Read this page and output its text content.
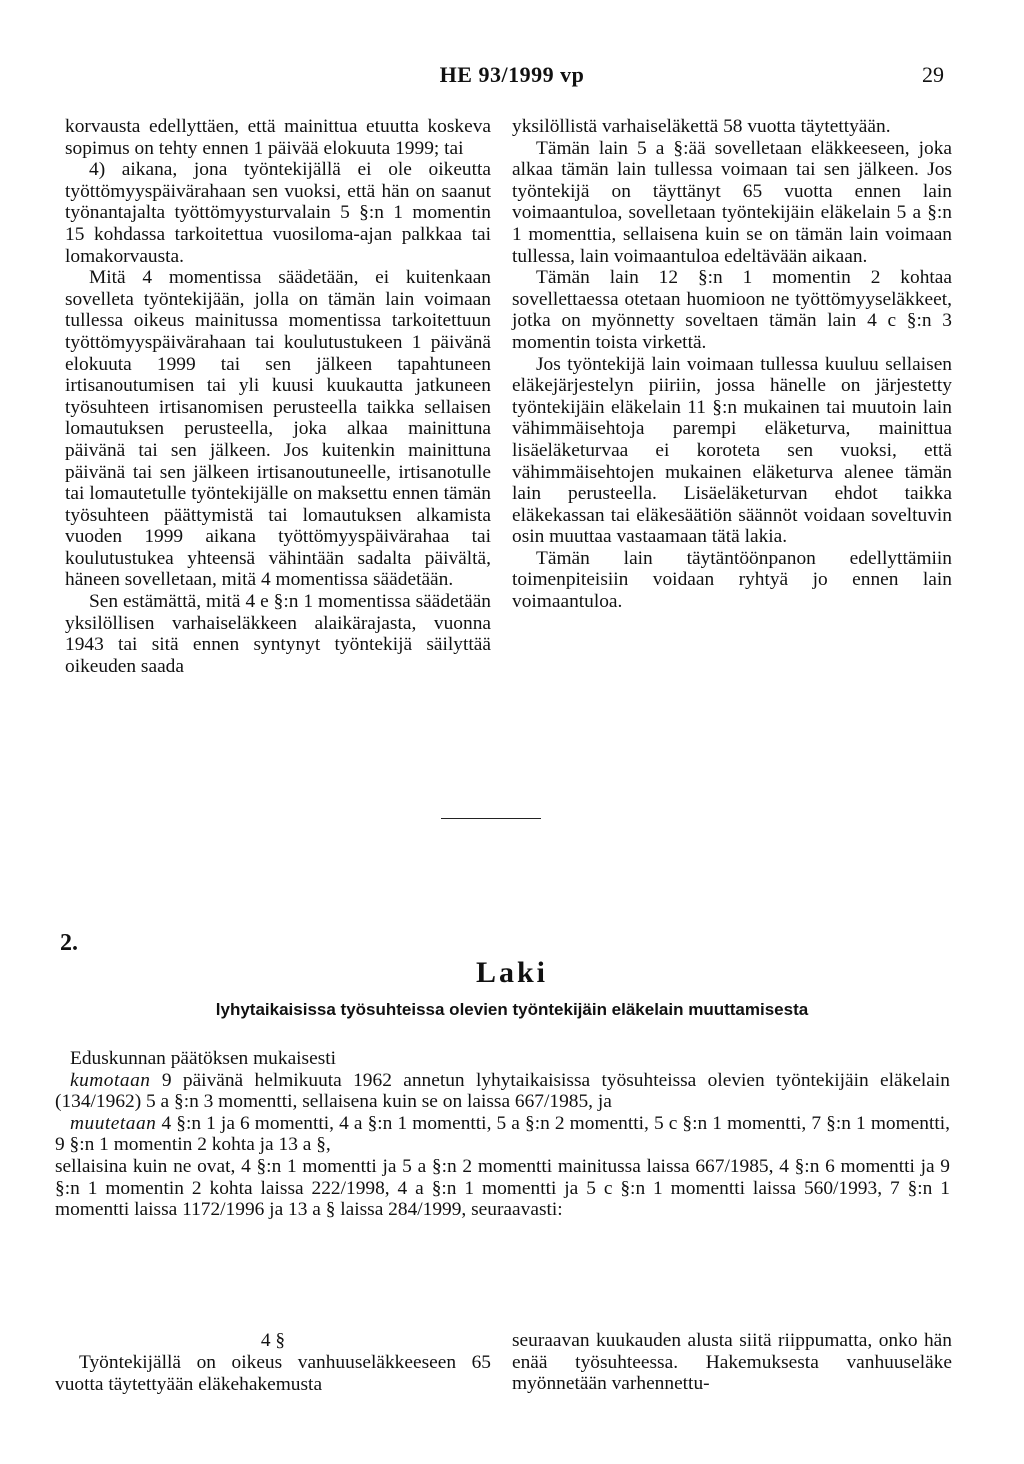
HE 93/1999 vp	29

korvausta edellyttäen, että mainittua etuutta koskeva sopimus on tehty ennen 1 päivää elokuuta 1999; tai

4) aikana, jona työntekijällä ei ole oikeutta työttömyyspäivärahaan sen vuoksi, että hän on saanut työnantajalta työttömyysturvalain 5 §:n 1 momentin 15 kohdassa tarkoitettua vuosiloma-ajan palkkaa tai lomakorvausta.

Mitä 4 momentissa säädetään, ei kuitenkaan sovelleta työntekijään, jolla on tämän lain voimaan tullessa oikeus mainitussa momentissa tarkoitettuun työttömyyspäivärahaan tai koulutustukeen 1 päivänä elokuuta 1999 tai sen jälkeen tapahtuneen irtisanoutumisen tai yli kuusi kuukautta jatkuneen työsuhteen irtisanomisen perusteella taikka sellaisen lomautuksen perusteella, joka alkaa mainittuna päivänä tai sen jälkeen. Jos kuitenkin mainittuna päivänä tai sen jälkeen irtisanoutuneelle, irtisanotulle tai lomautetulle työntekijälle on maksettu ennen tämän työsuhteen päättymistä tai lomautuksen alkamista vuoden 1999 aikana työttömyyspäivärahaa tai koulutustukea yhteensä vähintään sadalta päivältä, häneen sovelletaan, mitä 4 momentissa säädetään.

Sen estämättä, mitä 4 e §:n 1 momentissa säädetään yksilöllisen varhaiseläkkeen alaikärajasta, vuonna 1943 tai sitä ennen syntynyt työntekijä säilyttää oikeuden saada

yksilöllistä varhaiseläkettä 58 vuotta täytettyään.

Tämän lain 5 a §:ää sovelletaan eläkkeeseen, joka alkaa tämän lain tullessa voimaan tai sen jälkeen. Jos työntekijä on täyttänyt 65 vuotta ennen lain voimaantuloa, sovelletaan työntekijäin eläkelain 5 a §:n 1 momenttia, sellaisena kuin se on tämän lain voimaan tullessa, lain voimaantuloa edeltävään aikaan.

Tämän lain 12 §:n 1 momentin 2 kohtaa sovellettaessa otetaan huomioon ne työttömyyseläkkeet, jotka on myönnetty soveltaen tämän lain 4 c §:n 3 momentin toista virkettä.

Jos työntekijä lain voimaan tullessa kuuluu sellaisen eläkejärjestelyn piiriin, jossa hänelle on järjestetty työntekijäin eläkelain 11 §:n mukainen tai muutoin lain vähimmäisehtoja parempi eläketurva, mainittua lisäeläketurvaa ei koroteta sen vuoksi, että vähimmäisehtojen mukainen eläketurva alenee tämän lain perusteella. Lisäeläketurvan ehdot taikka eläkekassan tai eläkesäätiön säännöt voidaan soveltuvin osin muuttaa vastaamaan tätä lakia.

Tämän lain täytäntöönpanon edellyttämiin toimenpiteisiin voidaan ryhtyä jo ennen lain voimaantuloa.

2.
Laki
lyhytaikaisissa työsuhteissa olevien työntekijäin eläkelain muuttamisesta

Eduskunnan päätöksen mukaisesti

kumotaan 9 päivänä helmikuuta 1962 annetun lyhytaikaisissa työsuhteissa olevien työntekijäin eläkelain (134/1962) 5 a §:n 3 momentti, sellaisena kuin se on laissa 667/1985, ja

muutetaan 4 §:n 1 ja 6 momentti, 4 a §:n 1 momentti, 5 a §:n 2 momentti, 5 c §:n 1 momentti, 7 §:n 1 momentti, 9 §:n 1 momentin 2 kohta ja 13 a §,

sellaisina kuin ne ovat, 4 §:n 1 momentti ja 5 a §:n 2 momentti mainitussa laissa 667/1985, 4 §:n 6 momentti ja 9 §:n 1 momentin 2 kohta laissa 222/1998, 4 a §:n 1 momentti ja 5 c §:n 1 momentti laissa 560/1993, 7 §:n 1 momentti laissa 1172/1996 ja 13 a § laissa 284/1999, seuraavasti:

4 §

Työntekijällä on oikeus vanhuuseläkkeeseen 65 vuotta täytettyään eläkehakemusta

seuraavan kuukauden alusta siitä riippumatta, onko hän enää työsuhteessa. Hakemuksesta vanhuuseläke myönnetään varhennettu-
